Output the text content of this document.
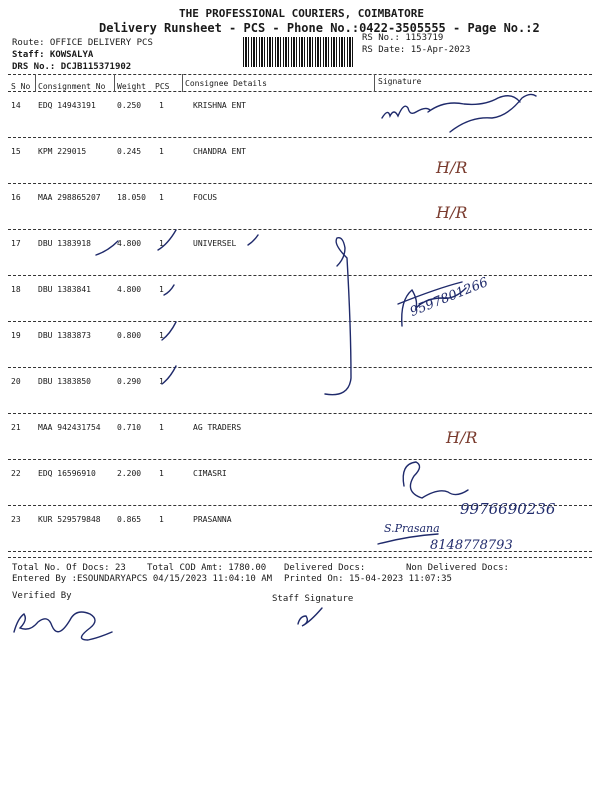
THE PROFESSIONAL COURIERS, COIMBATORE
Delivery Runsheet - PCS - Phone No.:0422-3505555 - Page No.:2
Route: OFFICE DELIVERY PCS
Staff: KOWSALYA
DRS No.: DCJB115371902
RS No.: 1153719
RS Date: 15-Apr-2023
S No Consignment No Weight PCS Consignee Details	Signature
14 EDQ 14943191	0.250 1	KRISHNA ENT
15 KPM 229015	0.245 1	CHANDRA ENT
16 MAA 298865207 18.050 1	FOCUS
17 DBU 1383918	4.800 1	UNIVERSEL
18 DBU 1383841	4.800 1
19 DBU 1383873	0.800 1
20 DBU 1383850	0.290 1
21 MAA 942431754 0.710 1	AG TRADERS
22 EDQ 16596910	2.200 1	CIMASRI
23 KUR 529579848 0.865 1	PRASANNA
H/R
H/R
H/R
9597801266
9976690236
S.Prasana
8148778793
Total No. Of Docs: 23 Total COD Amt: 1780.00 Delivered Docs:	Non Delivered Docs:
Entered By :ESOUNDARYAPCS 04/15/2023 11:04:10 AM Printed On: 15-04-2023 11:07:35
Verified By	Staff Signature
